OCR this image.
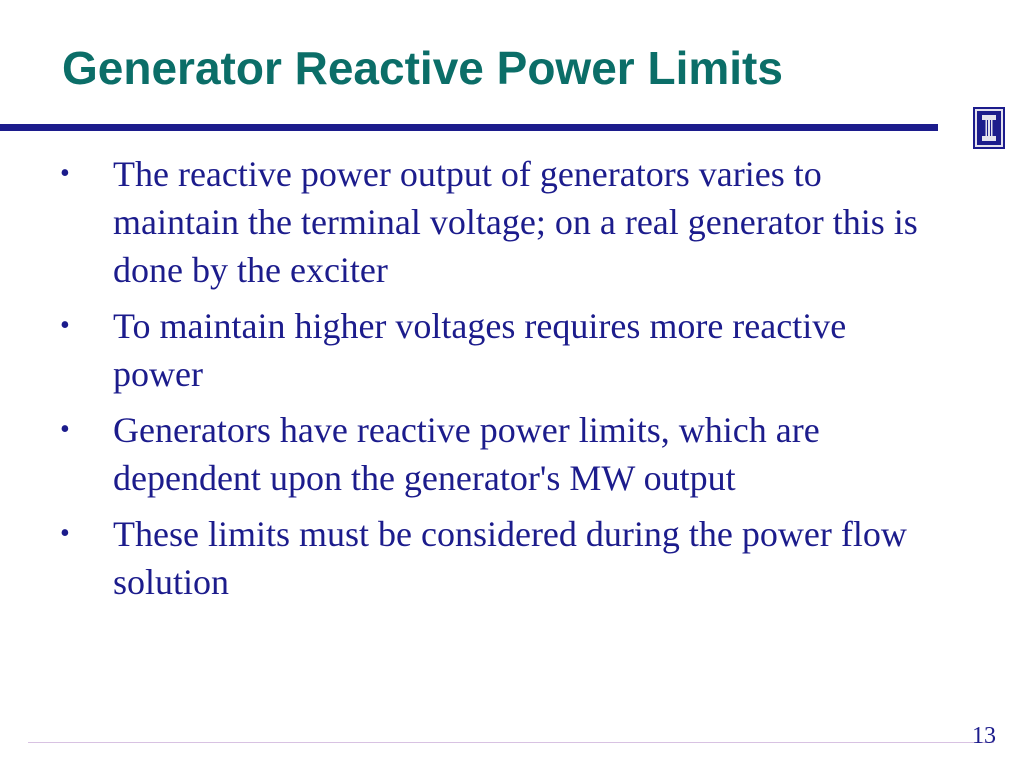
Generator Reactive Power Limits
• The reactive power output of generators varies to maintain the terminal voltage; on a real generator this is done by the exciter
• To maintain higher voltages requires more reactive power
• Generators have reactive power limits, which are dependent upon the generator's MW output
• These limits must be considered during the power flow solution
13
